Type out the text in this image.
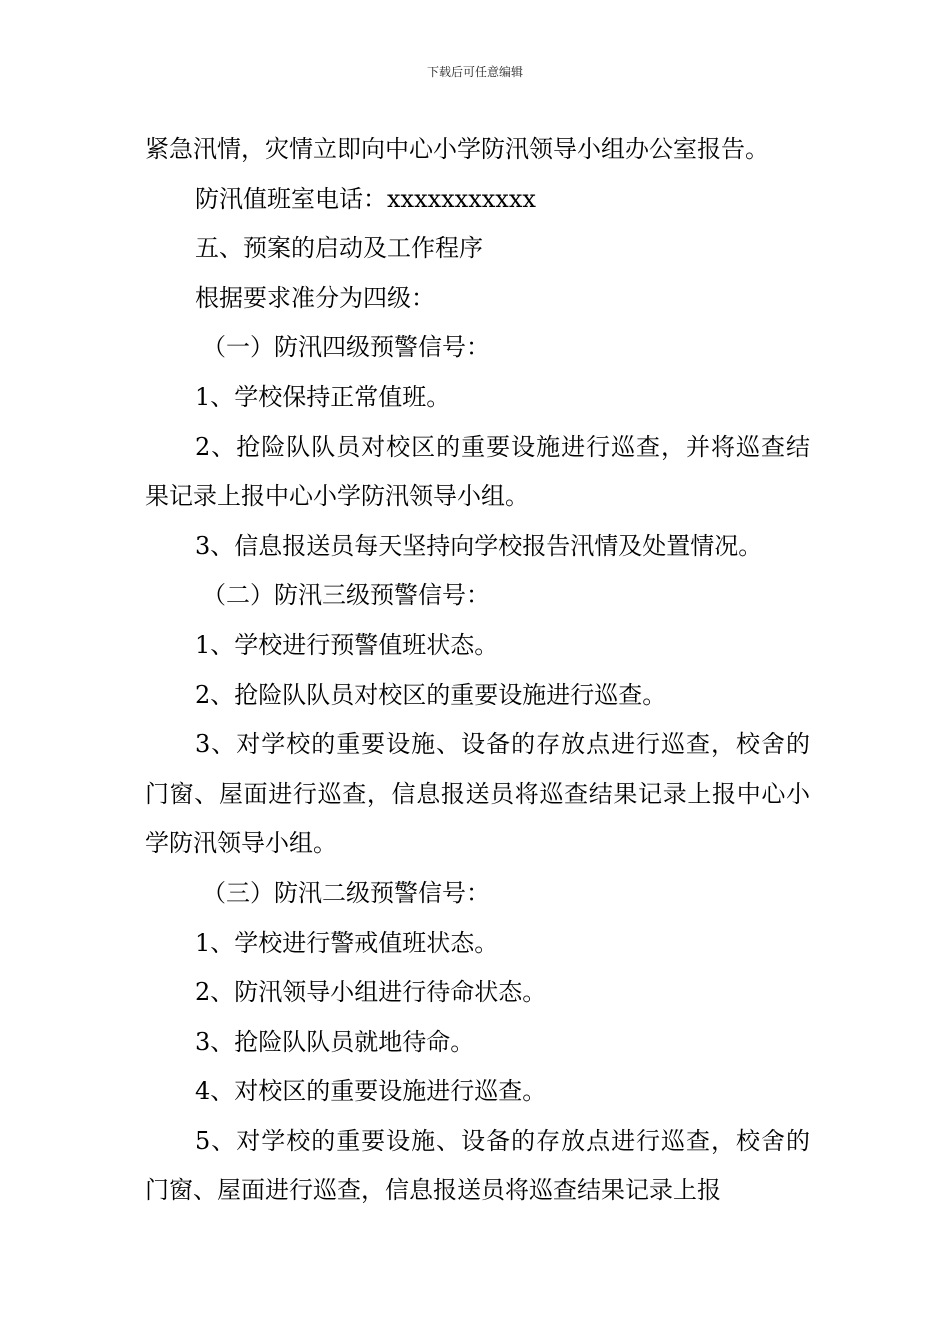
下载后可任意编辑

紧急汛情，灾情立即向中心小学防汛领导小组办公室报告。

防汛值班室电话：xxxxxxxxxxx

五、预案的启动及工作程序

根据要求准分为四级：

（一）防汛四级预警信号：

1、学校保持正常值班。

2、抢险队队员对校区的重要设施进行巡查，并将巡查结果记录上报中心小学防汛领导小组。

3、信息报送员每天坚持向学校报告汛情及处置情况。

（二）防汛三级预警信号：

1、学校进行预警值班状态。

2、抢险队队员对校区的重要设施进行巡查。

3、对学校的重要设施、设备的存放点进行巡查，校舍的门窗、屋面进行巡查，信息报送员将巡查结果记录上报中心小学防汛领导小组。

（三）防汛二级预警信号：

1、学校进行警戒值班状态。

2、防汛领导小组进行待命状态。

3、抢险队队员就地待命。

4、对校区的重要设施进行巡查。

5、对学校的重要设施、设备的存放点进行巡查，校舍的门窗、屋面进行巡查，信息报送员将巡查结果记录上报
